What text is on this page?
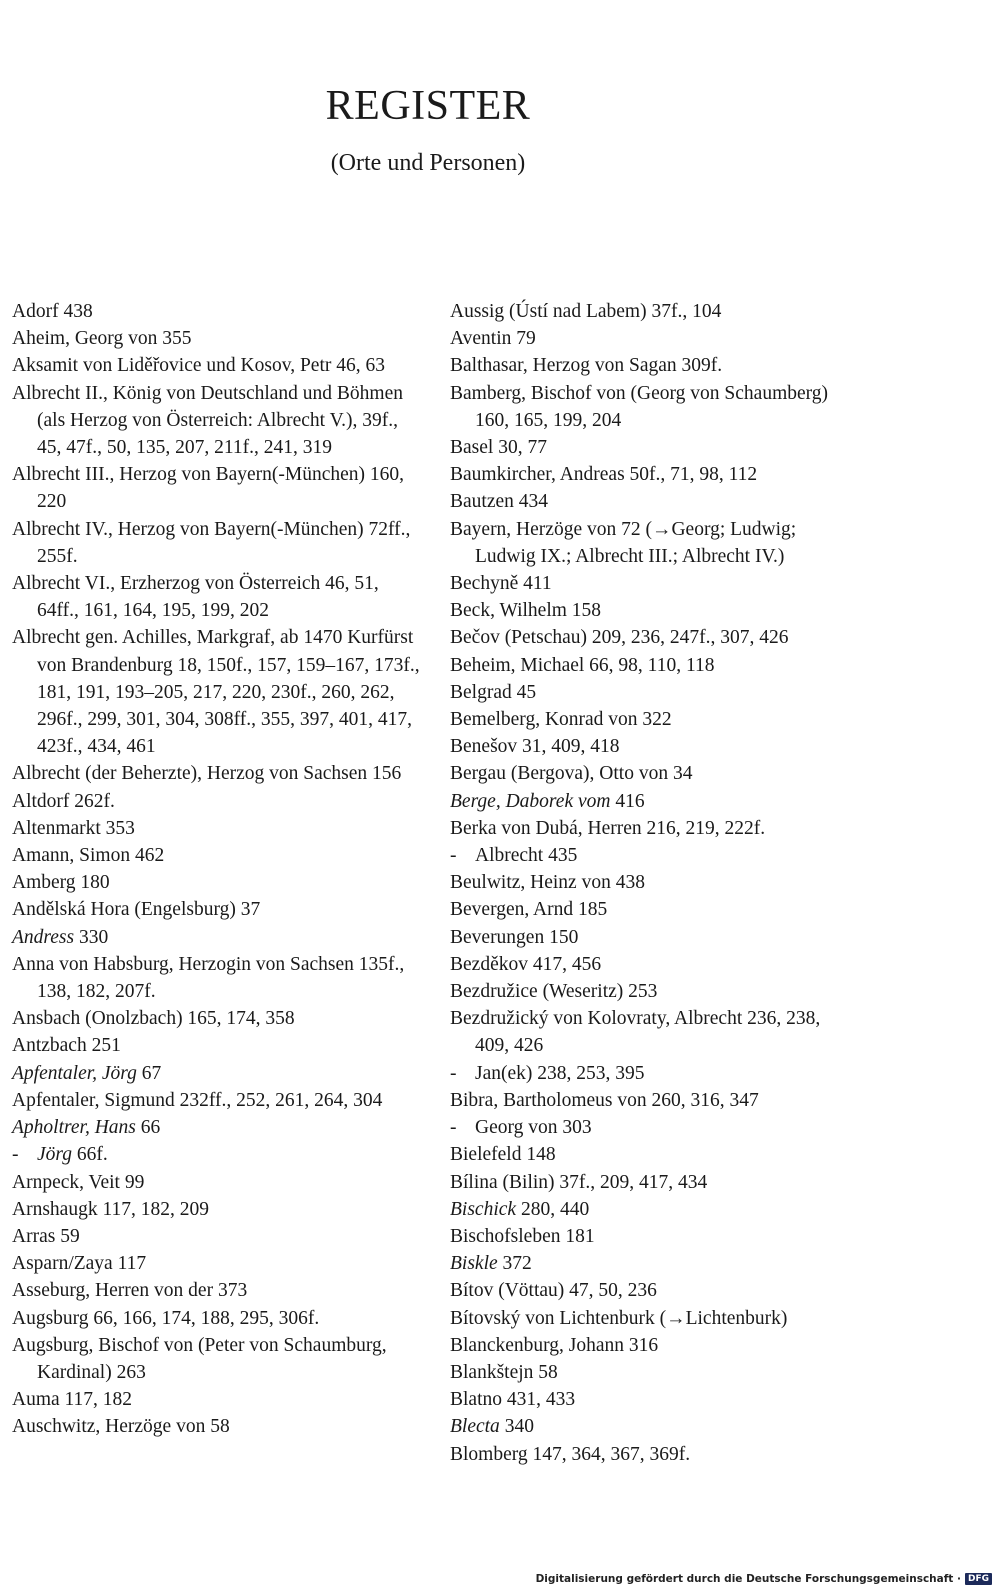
REGISTER
(Orte und Personen)
Adorf 438
Aheim, Georg von 355
Aksamit von Liděřovice und Kosov, Petr 46, 63
Albrecht II., König von Deutschland und Böhmen (als Herzog von Österreich: Albrecht V.), 39f., 45, 47f., 50, 135, 207, 211f., 241, 319
Albrecht III., Herzog von Bayern(-München) 160, 220
Albrecht IV., Herzog von Bayern(-München) 72ff., 255f.
Albrecht VI., Erzherzog von Österreich 46, 51, 64ff., 161, 164, 195, 199, 202
Albrecht gen. Achilles, Markgraf, ab 1470 Kurfürst von Brandenburg 18, 150f., 157, 159–167, 173f., 181, 191, 193–205, 217, 220, 230f., 260, 262, 296f., 299, 301, 304, 308ff., 355, 397, 401, 417, 423f., 434, 461
Albrecht (der Beherzte), Herzog von Sachsen 156
Altdorf 262f.
Altenmarkt 353
Amann, Simon 462
Amberg 180
Andělská Hora (Engelsburg) 37
Andress 330
Anna von Habsburg, Herzogin von Sachsen 135f., 138, 182, 207f.
Ansbach (Onolzbach) 165, 174, 358
Antzbach 251
Apfentaler, Jörg 67
Apfentaler, Sigmund 232ff., 252, 261, 264, 304
Apholtrer, Hans 66
- Jörg 66f.
Arnpeck, Veit 99
Arnshaugk 117, 182, 209
Arras 59
Asparn/Zaya 117
Asseburg, Herren von der 373
Augsburg 66, 166, 174, 188, 295, 306f.
Augsburg, Bischof von (Peter von Schaumburg, Kardinal) 263
Auma 117, 182
Auschwitz, Herzöge von 58
Aussig (Ústí nad Labem) 37f., 104
Aventin 79
Balthasar, Herzog von Sagan 309f.
Bamberg, Bischof von (Georg von Schaumberg) 160, 165, 199, 204
Basel 30, 77
Baumkircher, Andreas 50f., 71, 98, 112
Bautzen 434
Bayern, Herzöge von 72 (→Georg; Ludwig; Ludwig IX.; Albrecht III.; Albrecht IV.)
Bechyně 411
Beck, Wilhelm 158
Bečov (Petschau) 209, 236, 247f., 307, 426
Beheim, Michael 66, 98, 110, 118
Belgrad 45
Bemelberg, Konrad von 322
Benešov 31, 409, 418
Bergau (Bergova), Otto von 34
Berge, Daborek vom 416
Berka von Dubá, Herren 216, 219, 222f.
- Albrecht 435
Beulwitz, Heinz von 438
Bevergen, Arnd 185
Beverungen 150
Bezděkov 417, 456
Bezdružice (Weseritz) 253
Bezdružický von Kolovraty, Albrecht 236, 238, 409, 426
- Jan(ek) 238, 253, 395
Bibra, Bartholomeus von 260, 316, 347
- Georg von 303
Bielefeld 148
Bílina (Bilin) 37f., 209, 417, 434
Bischick 280, 440
Bischofsleben 181
Biskle 372
Bítov (Vöttau) 47, 50, 236
Bítovský von Lichtenburk (→Lichtenburk)
Blanckenburg, Johann 316
Blankštejn 58
Blatno 431, 433
Blecta 340
Blomberg 147, 364, 367, 369f.
Digitalisierung gefördert durch die Deutsche Forschungsgemeinschaft · DFG
